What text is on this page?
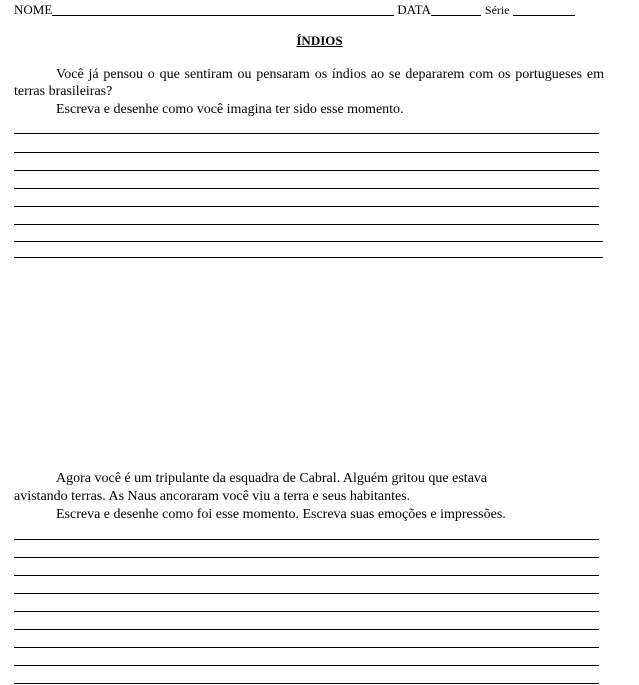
NOME	DATA	Série
ÍNDIOS
Você já pensou o que sentiram ou pensaram os índios ao se depararem com os portugueses em terras brasileiras?
Escreva e desenhe como você imagina ter sido esse momento.
Agora você é um tripulante da esquadra de Cabral. Alguém gritou que estava
avistando terras. As Naus ancoraram você viu a terra e seus habitantes.
Escreva e desenhe como foi esse momento. Escreva suas emoções e impressões.
